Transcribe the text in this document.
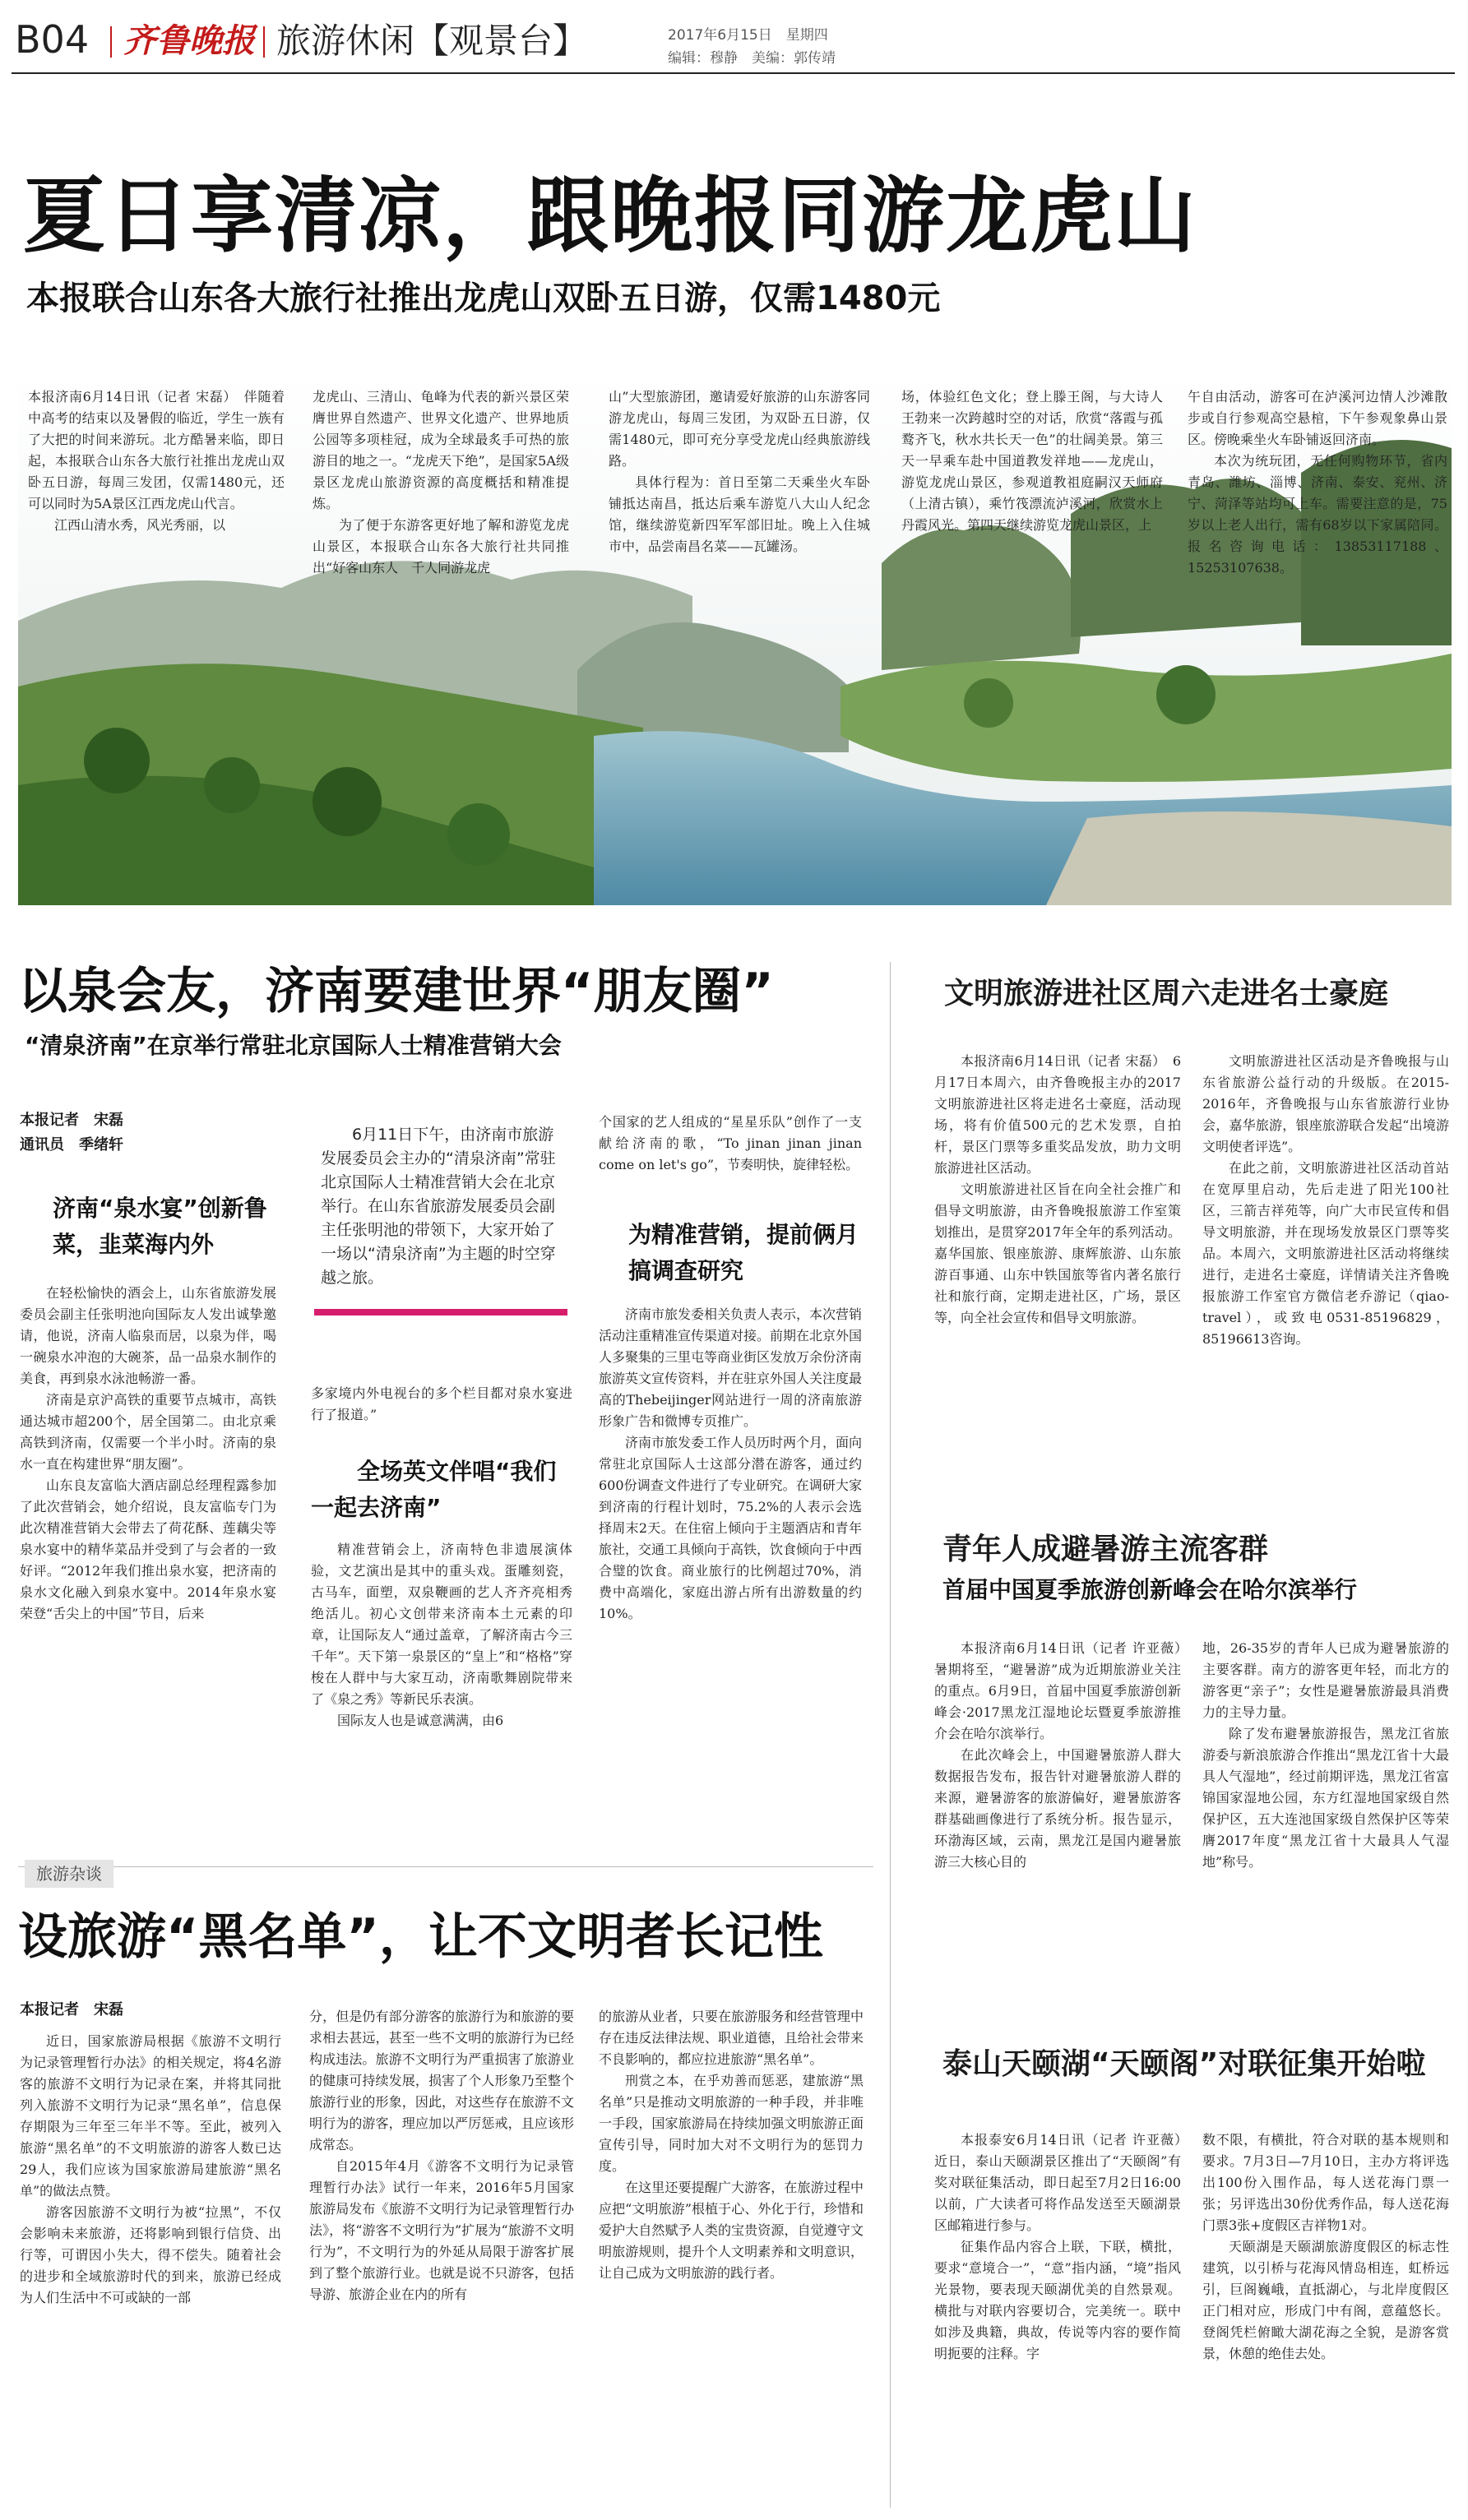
B04 齐鲁晚报 旅游休闲【观景台】	2017年6月15日　星期四
编辑：穆静　美编：郭传靖
夏日享清凉，跟晚报同游龙虎山
本报联合山东各大旅行社推出龙虎山双卧五日游，仅需1480元

本报济南6月14日讯（记者 宋磊）　伴随着中高考的结束以及暑假的临近，学生一族有了大把的时间来游玩。北方酷暑来临，即日起，本报联合山东各大旅行社推出龙虎山双卧五日游，每周三发团，仅需1480元，还可以同时为5A景区江西龙虎山代言。

江西山清水秀，风光秀丽，以

龙虎山、三清山、龟峰为代表的新兴景区荣膺世界自然遗产、世界文化遗产、世界地质公园等多项桂冠，成为全球最炙手可热的旅游目的地之一。“龙虎天下绝”，是国家5A级景区龙虎山旅游资源的高度概括和精准提炼。

为了便于东游客更好地了解和游览龙虎山景区，本报联合山东各大旅行社共同推出“好客山东人　千人同游龙虎

山”大型旅游团，邀请爱好旅游的山东游客同游龙虎山，每周三发团，为双卧五日游，仅需1480元，即可充分享受龙虎山经典旅游线路。

具体行程为：首日至第二天乘坐火车卧铺抵达南昌，抵达后乘车游览八大山人纪念馆，继续游览新四军军部旧址。晚上入住城市中，品尝南昌名菜——瓦罐汤。

场，体验红色文化；登上滕王阁，与大诗人王勃来一次跨越时空的对话，欣赏“落霞与孤鹜齐飞，秋水共长天一色”的壮阔美景。第三天一早乘车赴中国道教发祥地——龙虎山，游览龙虎山景区，参观道教祖庭嗣汉天师府（上清古镇），乘竹筏漂流泸溪河，欣赏水上丹霞风光。第四天继续游览龙虎山景区，上

午自由活动，游客可在泸溪河边情人沙滩散步或自行参观高空悬棺，下午参观象鼻山景区。傍晚乘坐火车卧铺返回济南。

本次为统玩团，无任何购物环节，省内青岛、潍坊、淄博、济南、泰安、兖州、济宁、菏泽等站均可上车。需要注意的是，75岁以上老人出行，需有68岁以下家属陪同。报名咨询电话：13853117188、15253107638。

以泉会友，济南要建世界“朋友圈”
“清泉济南”在京举行常驻北京国际人士精准营销大会
本报记者　宋磊
通讯员　季绪轩
济南“泉水宴”创新鲁菜，韭菜海内外

在轻松愉快的酒会上，山东省旅游发展委员会副主任张明池向国际友人发出诚挚邀请，他说，济南人临泉而居，以泉为伴，喝一碗泉水冲泡的大碗茶，品一品泉水制作的美食，再到泉水泳池畅游一番。

济南是京沪高铁的重要节点城市，高铁通达城市超200个，居全国第二。由北京乘高铁到济南，仅需要一个半小时。济南的泉水一直在构建世界“朋友圈”。

山东良友富临大酒店副总经理程露参加了此次营销会，她介绍说，良友富临专门为此次精准营销大会带去了荷花酥、莲藕尖等泉水宴中的精华菜品并受到了与会者的一致好评。“2012年我们推出泉水宴，把济南的泉水文化融入到泉水宴中。2014年泉水宴荣登“舌尖上的中国”节目，后来

6月11日下午，由济南市旅游发展委员会主办的“清泉济南”常驻北京国际人士精准营销大会在北京举行。在山东省旅游发展委员会副主任张明池的带领下，大家开始了一场以“清泉济南”为主题的时空穿越之旅。

多家境内外电视台的多个栏目都对泉水宴进行了报道。”

全场英文伴唱“我们一起去济南”

精准营销会上，济南特色非遗展演体验，文艺演出是其中的重头戏。蛋雕刻瓷，古马车，面塑，双泉鞭画的艺人齐齐亮相秀绝活儿。初心文创带来济南本土元素的印章，让国际友人“通过盖章，了解济南古今三千年”。天下第一泉景区的“皇上”和“格格”穿梭在人群中与大家互动，济南歌舞剧院带来了《泉之秀》等新民乐表演。

国际友人也是诚意满满，由6

个国家的艺人组成的“星星乐队”创作了一支献给济南的歌，“To jinan jinan jinan come on let's go”，节奏明快，旋律轻松。

为精准营销，提前俩月搞调查研究

济南市旅发委相关负责人表示，本次营销活动注重精准宣传渠道对接。前期在北京外国人多聚集的三里屯等商业街区发放万余份济南旅游英文宣传资料，并在驻京外国人关注度最高的Thebeijinger网站进行一周的济南旅游形象广告和微博专页推广。

济南市旅发委工作人员历时两个月，面向常驻北京国际人士这部分潜在游客，通过约600份调查文件进行了专业研究。在调研大家到济南的行程计划时，75.2%的人表示会选择周末2天。在住宿上倾向于主题酒店和青年旅社，交通工具倾向于高铁，饮食倾向于中西合璧的饮食。商业旅行的比例超过70%，消费中高端化，家庭出游占所有出游数量的约10%。

旅游杂谈
设旅游“黑名单”，让不文明者长记性
本报记者　宋磊

近日，国家旅游局根据《旅游不文明行为记录管理暂行办法》的相关规定，将4名游客的旅游不文明行为记录在案，并将其同批列入旅游不文明行为记录“黑名单”，信息保存期限为三年至三年半不等。至此，被列入旅游“黑名单”的不文明旅游的游客人数已达29人，我们应该为国家旅游局建旅游“黑名单”的做法点赞。

游客因旅游不文明行为被“拉黑”，不仅会影响未来旅游，还将影响到银行信贷、出行等，可谓因小失大，得不偿失。随着社会的进步和全域旅游时代的到来，旅游已经成为人们生活中不可或缺的一部

分，但是仍有部分游客的旅游行为和旅游的要求相去甚远，甚至一些不文明的旅游行为已经构成违法。旅游不文明行为严重损害了旅游业的健康可持续发展，损害了个人形象乃至整个旅游行业的形象，因此，对这些存在旅游不文明行为的游客，理应加以严厉惩戒，且应该形成常态。

自2015年4月《游客不文明行为记录管理暂行办法》试行一年来，2016年5月国家旅游局发布《旅游不文明行为记录管理暂行办法》，将“游客不文明行为”扩展为“旅游不文明行为”，不文明行为的外延从局限于游客扩展到了整个旅游行业。也就是说不只游客，包括导游、旅游企业在内的所有

的旅游从业者，只要在旅游服务和经营管理中存在违反法律法规、职业道德，且给社会带来不良影响的，都应拉进旅游“黑名单”。

刑赏之本，在乎劝善而惩恶，建旅游“黑名单”只是推动文明旅游的一种手段，并非唯一手段，国家旅游局在持续加强文明旅游正面宣传引导，同时加大对不文明行为的惩罚力度。

在这里还要提醒广大游客，在旅游过程中应把“文明旅游”根植于心、外化于行，珍惜和爱护大自然赋予人类的宝贵资源，自觉遵守文明旅游规则，提升个人文明素养和文明意识，让自己成为文明旅游的践行者。

文明旅游进社区周六走进名士豪庭

本报济南6月14日讯（记者 宋磊）　6月17日本周六，由齐鲁晚报主办的2017文明旅游进社区将走进名士豪庭，活动现场，将有价值500元的艺术发票，自拍杆，景区门票等多重奖品发放，助力文明旅游进社区活动。

文明旅游进社区旨在向全社会推广和倡导文明旅游，由齐鲁晚报旅游工作室策划推出，是贯穿2017年全年的系列活动。嘉华国旅、银座旅游、康辉旅游、山东旅游百事通、山东中铁国旅等省内著名旅行社和旅行商，定期走进社区，广场，景区等，向全社会宣传和倡导文明旅游。

文明旅游进社区活动是齐鲁晚报与山东省旅游公益行动的升级版。在2015-2016年，齐鲁晚报与山东省旅游行业协会，嘉华旅游，银座旅游联合发起“出境游文明使者评选”。

在此之前，文明旅游进社区活动首站在宽厚里启动，先后走进了阳光100社区，三箭吉祥苑等，向广大市民宣传和倡导文明旅游，并在现场发放景区门票等奖品。本周六，文明旅游进社区活动将继续进行，走进名士豪庭，详情请关注齐鲁晚报旅游工作室官方微信老乔游记（qiao-travel），或致电0531-85196829，85196613咨询。

青年人成避暑游主流客群
首届中国夏季旅游创新峰会在哈尔滨举行

本报济南6月14日讯（记者 许亚薇）　暑期将至，“避暑游”成为近期旅游业关注的重点。6月9日，首届中国夏季旅游创新峰会·2017黑龙江湿地论坛暨夏季旅游推介会在哈尔滨举行。

在此次峰会上，中国避暑旅游人群大数据报告发布，报告针对避暑旅游人群的来源，避暑游客的旅游偏好，避暑旅游客群基础画像进行了系统分析。报告显示，环渤海区域，云南，黑龙江是国内避暑旅游三大核心目的

地，26-35岁的青年人已成为避暑旅游的主要客群。南方的游客更年轻，而北方的游客更“亲子”；女性是避暑旅游最具消费力的主导力量。

除了发布避暑旅游报告，黑龙江省旅游委与新浪旅游合作推出“黑龙江省十大最具人气湿地”，经过前期评选，黑龙江省富锦国家湿地公园，东方红湿地国家级自然保护区，五大连池国家级自然保护区等荣膺2017年度“黑龙江省十大最具人气湿地”称号。

泰山天颐湖“天颐阁”对联征集开始啦

本报泰安6月14日讯（记者 许亚薇）　近日，泰山天颐湖景区推出了“天颐阁”有奖对联征集活动，即日起至7月2日16:00以前，广大读者可将作品发送至天颐湖景区邮箱进行参与。

征集作品内容合上联，下联，横批，要求“意境合一”，“意”指内涵，“境”指风光景物，要表现天颐湖优美的自然景观。横批与对联内容要切合，完美统一。联中如涉及典籍，典故，传说等内容的要作简明扼要的注释。字

数不限，有横批，符合对联的基本规则和要求。7月3日—7月10日，主办方将评选出100份入围作品，每人送花海门票一张；另评选出30份优秀作品，每人送花海门票3张+度假区吉祥物1对。

天颐湖是天颐湖旅游度假区的标志性建筑，以引桥与花海风情岛相连，虹桥远引，巨阁巍峨，直抵湖心，与北岸度假区正门相对应，形成门中有阁，意蕴悠长。登阁凭栏俯瞰大湖花海之全貌，是游客赏景，休憩的绝佳去处。
